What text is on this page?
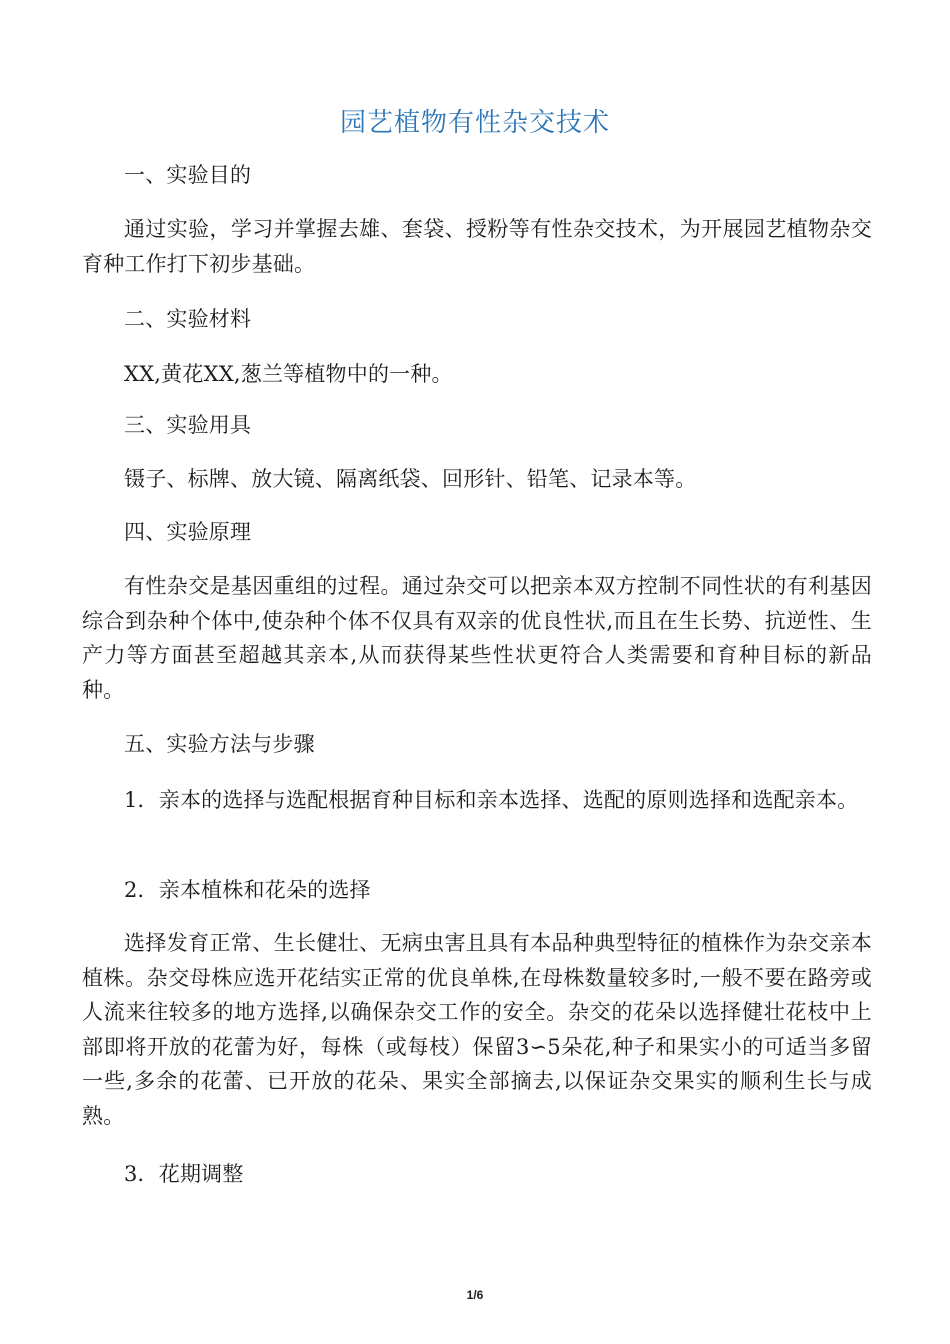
园艺植物有性杂交技术
一、实验目的
通过实验，学习并掌握去雄、套袋、授粉等有性杂交技术，为开展园艺植物杂交育种工作打下初步基础。
二、实验材料
XX,黄花XX,葱兰等植物中的一种。
三、实验用具
镊子、标牌、放大镜、隔离纸袋、回形针、铅笔、记录本等。
四、实验原理
有性杂交是基因重组的过程。通过杂交可以把亲本双方控制不同性状的有利基因综合到杂种个体中,使杂种个体不仅具有双亲的优良性状,而且在生长势、抗逆性、生产力等方面甚至超越其亲本,从而获得某些性状更符合人类需要和育种目标的新品种。
五、实验方法与步骤
1．亲本的选择与选配根据育种目标和亲本选择、选配的原则选择和选配亲本。
2．亲本植株和花朵的选择
选择发育正常、生长健壮、无病虫害且具有本品种典型特征的植株作为杂交亲本植株。杂交母株应选开花结实正常的优良单株,在母株数量较多时,一般不要在路旁或人流来往较多的地方选择,以确保杂交工作的安全。杂交的花朵以选择健壮花枝中上部即将开放的花蕾为好，每株（或每枝）保留3∽5朵花,种子和果实小的可适当多留一些,多余的花蕾、已开放的花朵、果实全部摘去,以保证杂交果实的顺利生长与成熟。
3．花期调整
1/6
